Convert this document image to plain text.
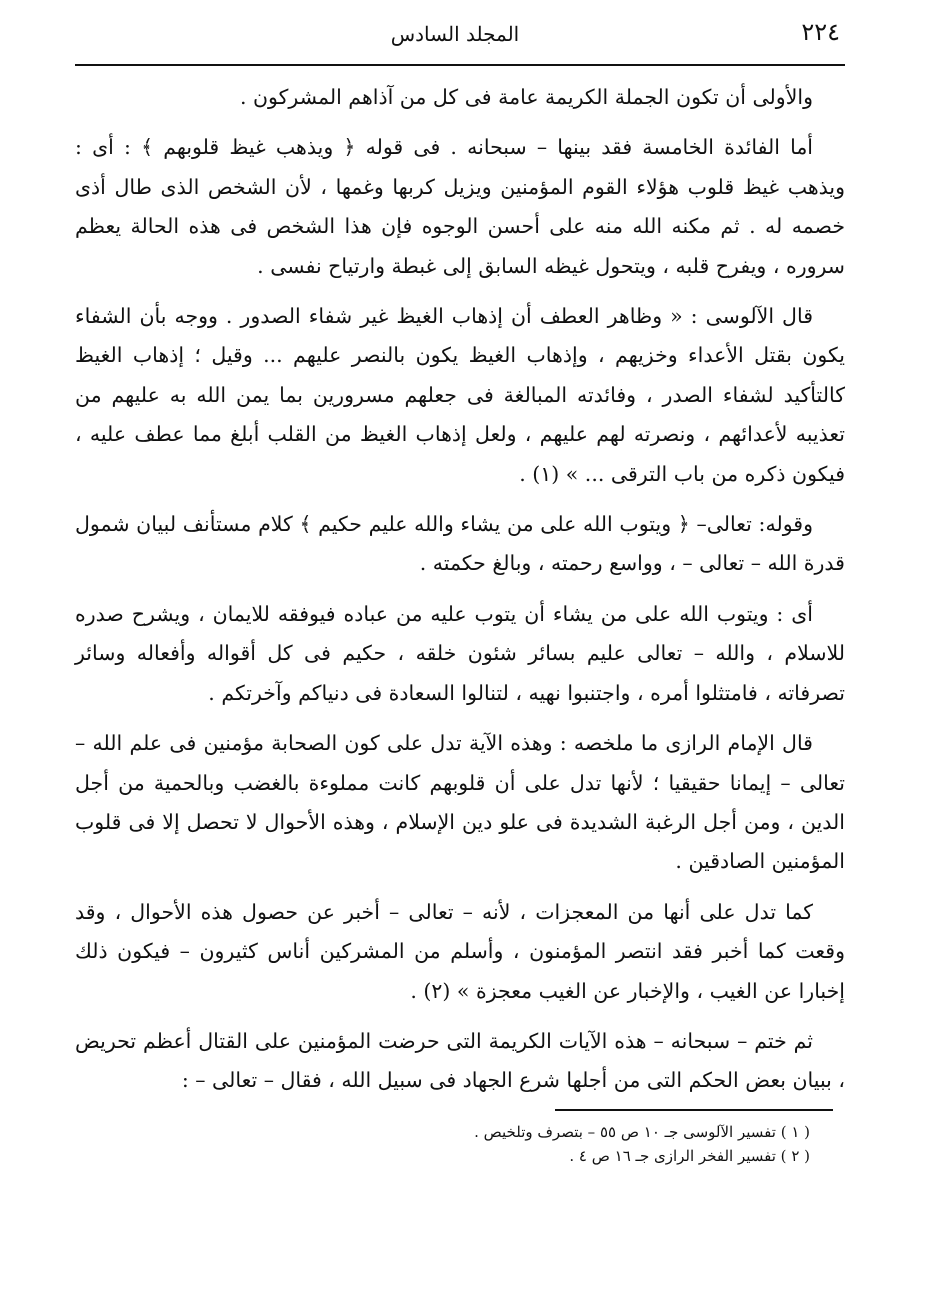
٢٢٤
المجلد السادس

والأولى أن تكون الجملة الكريمة عامة فى كل من آذاهم المشركون .

أما الفائدة الخامسة فقد بينها – سبحانه . فى قوله ﴿ ويذهب غيظ قلوبهم ﴾ : أى : ويذهب غيظ قلوب هؤلاء القوم المؤمنين ويزيل كربها وغمها ، لأن الشخص الذى طال أذى خصمه له . ثم مكنه الله منه على أحسن الوجوه فإن هذا الشخص فى هذه الحالة يعظم سروره ، ويفرح قلبه ، ويتحول غيظه السابق إلى غبطة وارتياح نفسى .

قال الآلوسى : « وظاهر العطف أن إذهاب الغيظ غير شفاء الصدور . ووجه بأن الشفاء يكون بقتل الأعداء وخزيهم ، وإذهاب الغيظ يكون بالنصر عليهم ... وقيل ؛ إذهاب الغيظ كالتأكيد لشفاء الصدر ، وفائدته المبالغة فى جعلهم مسرورين بما يمن الله به عليهم من تعذيبه لأعدائهم ، ونصرته لهم عليهم ، ولعل إذهاب الغيظ من القلب أبلغ مما عطف عليه ، فيكون ذكره من باب الترقى ... » (١) .

وقوله: تعالى– ﴿ ويتوب الله على من يشاء والله عليم حكيم ﴾ كلام مستأنف لبيان شمول قدرة الله – تعالى – ، وواسع رحمته ، وبالغ حكمته .

أى : ويتوب الله على من يشاء أن يتوب عليه من عباده فيوفقه للايمان ، ويشرح صدره للاسلام ، والله – تعالى عليم بسائر شئون خلقه ، حكيم فى كل أقواله وأفعاله وسائر تصرفاته ، فامتثلوا أمره ، واجتنبوا نهيه ، لتنالوا السعادة فى دنياكم وآخرتكم .

قال الإمام الرازى ما ملخصه : وهذه الآية تدل على كون الصحابة مؤمنين فى علم الله – تعالى – إيمانا حقيقيا ؛ لأنها تدل على أن قلوبهم كانت مملوءة بالغضب وبالحمية من أجل الدين ، ومن أجل الرغبة الشديدة فى علو دين الإسلام ، وهذه الأحوال لا تحصل إلا فى قلوب المؤمنين الصادقين .

كما تدل على أنها من المعجزات ، لأنه – تعالى – أخبر عن حصول هذه الأحوال ، وقد وقعت كما أخبر فقد انتصر المؤمنون ، وأسلم من المشركين أناس كثيرون – فيكون ذلك إخبارا عن الغيب ، والإخبار عن الغيب معجزة » (٢) .

ثم ختم – سبحانه – هذه الآيات الكريمة التى حرضت المؤمنين على القتال أعظم تحريض ، ببيان بعض الحكم التى من أجلها شرع الجهاد فى سبيل الله ، فقال – تعالى – :

( ١ ) تفسير الآلوسى جـ ١٠ ص ٥٥ – بتصرف وتلخيص .

( ٢ ) تفسير الفخر الرازى جـ ١٦ ص ٤ .
